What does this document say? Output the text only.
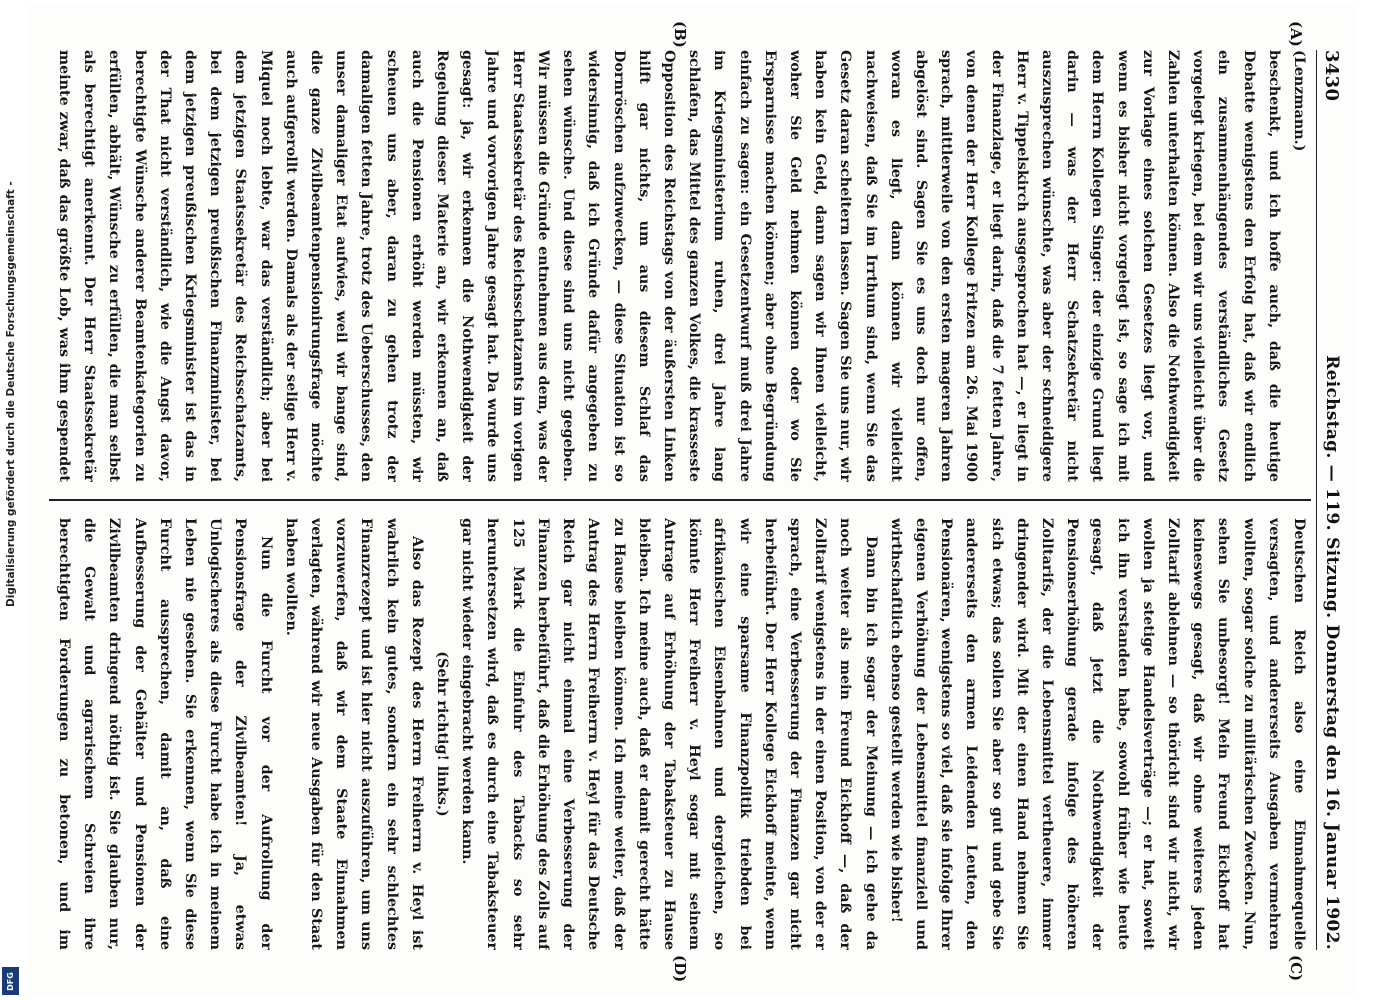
3430
Reichstag. — 119. Sitzung. Donnerstag den 16. Januar 1902.
(A)
(B)
(C)
(D)

(Lenzmann.)

beschenkt, und ich hoffe auch, daß die heutige Debatte wenigstens den Erfolg hat, daß wir endlich ein zusammenhängendes verständliches Gesetz vorgelegt kriegen, bei dem wir uns vielleicht über die Zahlen unterhalten können. Also die Nothwendigkeit zur Vorlage eines solchen Gesetzes liegt vor, und wenn es bisher nicht vorgelegt ist, so sage ich mit dem Herrn Kollegen Singer: der einzige Grund liegt darin — was der Herr Schatzsekretär nicht auszusprechen wünschte, was aber der schneidigere Herr v. Tippelskirch ausgesprochen hat —, er liegt in der Finanzlage, er liegt darin, daß die 7 fetten Jahre, von denen der Herr Kollege Fritzen am 26. Mai 1900 sprach, mittlerweile von den ersten mageren Jahren abgelöst sind. Sagen Sie es uns doch nur offen, woran es liegt, dann können wir vielleicht nachweisen, daß Sie im Irrthum sind, wenn Sie das Gesetz daran scheitern lassen. Sagen Sie uns nur, wir haben kein Geld, dann sagen wir Ihnen vielleicht, woher Sie Geld nehmen können oder wo Sie Ersparnisse machen können; aber ohne Begründung einfach zu sagen: ein Gesetzentwurf muß drei Jahre im Kriegsministerium ruhen, drei Jahre lang schlafen, das Mittel des ganzen Volkes, die krasseste Opposition des Reichstags von der äußersten Linken hilft gar nichts, um aus diesem Schlaf das Dornröschen aufzuwecken, — diese Situation ist so widersinnig, daß ich Gründe dafür angegeben zu sehen wünsche. Und diese sind uns nicht gegeben. Wir müssen die Gründe entnehmen aus dem, was der Herr Staatssekretär des Reichsschatzamts im vorigen Jahre und vorvorigen Jahre gesagt hat. Da wurde uns gesagt: ja, wir erkennen die Nothwendigkeit der Regelung dieser Materie an, wir erkennen an, daß auch die Pensionen erhöht werden müssten, wir scheuen uns aber, daran zu gehen trotz der damaligen fetten Jahre, trotz des Ueberschusses, den unser damaliger Etat aufwies, weil wir bange sind, die ganze Zivilbeamtenpensionirungsfrage möchte auch aufgerollt werden. Damals als der selige Herr v. Miquel noch lebte, war das verständlich; aber bei dem jetzigen Staatssekretär des Reichsschatzamts, bei dem jetzigen preußischen Finanzminister, bei dem jetzigen preußischen Kriegsminister ist das in der That nicht verständlich, wie die Angst davor, berechtigte Wünsche anderer Beamtenkategorien zu erfüllen, abhält, Wünsche zu erfüllen, die man selbst als berechtigt anerkennt. Der Herr Staatssekretär meinte zwar, daß das größte Lob, was ihm gespendet

Deutschen Reich also eine Einnahmequelle versagten, und andererseits Ausgaben vermehren wollten, sogar solche zu militärischen Zwecken. Nun, sehen Sie unbesorgt! Mein Freund Eickhoff hat keineswegs gesagt, daß wir ohne weiteres jeden Zolltarif ablehnen — so thöricht sind wir nicht, wir wollen ja stetige Handelsverträge —; er hat, soweit ich ihn verstanden habe, sowohl früher wie heute gesagt, daß jetzt die Nothwendigkeit der Pensionserhöhung gerade infolge des höheren Zolltarifs, der die Lebensmittel vertheuere, immer dringender wird. Mit der einen Hand nehmen Sie sich etwas; das sollen Sie aber so gut und gebe Sie andererseits den armen Leidenden Leuten, den Pensionären, wenigstens so viel, daß sie infolge Ihrer eigenen Verhöhung der Lebensmittel finanziell und wirthschaftlich ebenso gestellt werden wie bisher!

Dann bin ich sogar der Meinung — ich gehe da noch weiter als mein Freund Eickhoff —, daß der Zolltarif wenigstens in der einen Position, von der er sprach, eine Verbesserung der Finanzen gar nicht herbeiführt. Der Herr Kollege Eickhoff meinte, wenn wir eine sparsame Finanzpolitik triebden bei afrikanischen Eisenbahnen und dergleichen, so könnte Herr Freiherr v. Heyl sogar mit seinem Antrage auf Erhöhung der Tabaksteuer zu Hause bleiben. Ich meine auch, daß er damit gerecht hätte zu Hause bleiben können. Ich meine weiter, daß der Antrag des Herrn Freiherrn v. Heyl für das Deutsche Reich gar nicht einmal eine Verbesserung der Finanzen herbeiführt, daß die Erhöhung des Zolls auf 125 Mark die Einfuhr des Tabacks so sehr heruntersetzen wird, daß es durch eine Tabaksteuer gar nicht wieder eingebracht werden kann.

(Sehr richtig! links.)

Also das Rezept des Herrn Freiherrn v. Heyl ist wahrlich kein gutes, sondern ein sehr schlechtes Finanzrezept und ist hier nicht auszuführen, um uns vorzuwerfen, daß wir dem Staate Einnahmen verlagten, während wir neue Ausgaben für den Staat haben wollten.

Nun die Furcht vor der Aufrollung der Pensionsfrage der Zivilbeamten! Ja, etwas Unlogischeres als diese Furcht habe ich in meinem Leben nie gesehen. Sie erkennen, wenn Sie diese Furcht aussprechen, damit an, daß eine Aufbesserung der Gehälter und Pensionen der Zivilbeamten dringend nöthig ist. Sie glauben nur, die Gewalt und agrarischem Schreien ihre berechtigten Forderungen zu betonen, und im

Digitalisierung gefördert durch die Deutsche Forschungsgemeinschaft -
DFG
